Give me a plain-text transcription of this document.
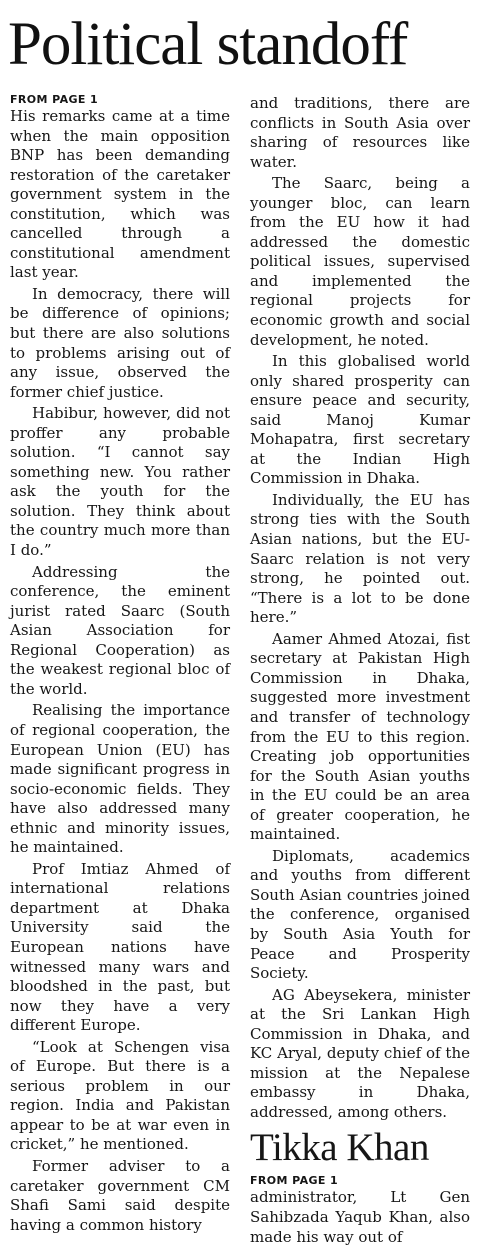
Political standoff
FROM PAGE 1

His remarks came at a time when the main opposition BNP has been demanding restoration of the caretaker government system in the constitution, which was cancelled through a constitutional amendment last year.

In democracy, there will be difference of opinions; but there are also solutions to problems arising out of any issue, observed the former chief justice.

Habibur, however, did not proffer any probable solution. “I cannot say something new. You rather ask the youth for the solution. They think about the country much more than I do.”

Addressing the conference, the eminent jurist rated Saarc (South Asian Association for Regional Cooperation) as the weakest regional bloc of the world.

Realising the importance of regional cooperation, the European Union (EU) has made significant progress in socio-economic fields. They have also addressed many ethnic and minority issues, he maintained.

Prof Imtiaz Ahmed of international relations department at Dhaka University said the European nations have witnessed many wars and bloodshed in the past, but now they have a very different Europe.

“Look at Schengen visa of Europe. But there is a serious problem in our region. India and Pakistan appear to be at war even in cricket,” he mentioned.

Former adviser to a caretaker government CM Shafi Sami said despite having a common history

and traditions, there are conflicts in South Asia over sharing of resources like water.

The Saarc, being a younger bloc, can learn from the EU how it had addressed the domestic political issues, supervised and implemented the regional projects for economic growth and social development, he noted.

In this globalised world only shared prosperity can ensure peace and security, said Manoj Kumar Mohapatra, first secretary at the Indian High Commission in Dhaka.

Individually, the EU has strong ties with the South Asian nations, but the EU-Saarc relation is not very strong, he pointed out. “There is a lot to be done here.”

Aamer Ahmed Atozai, fist secretary at Pakistan High Commission in Dhaka, suggested more investment and transfer of technology from the EU to this region. Creating job opportunities for the South Asian youths in the EU could be an area of greater cooperation, he maintained.

Diplomats, academics and youths from different South Asian countries joined the conference, organised by South Asia Youth for Peace and Prosperity Society.

AG Abeysekera, minister at the Sri Lankan High Commission in Dhaka, and KC Aryal, deputy chief of the mission at the Nepalese embassy in Dhaka, addressed, among others.

Tikka Khan
FROM PAGE 1

administrator, Lt Gen Sahibzada Yaqub Khan, also made his way out of
